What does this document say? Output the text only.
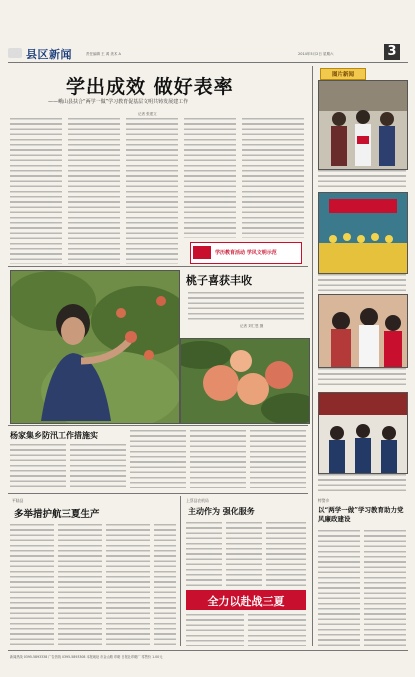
县区新闻	责任编辑 王 鸿 美术 A	2014年5月2日 星期六	3
学出成效 做好表率
——峨山县扶合“两学一做”学习教育促基层文明共铸发展建工作
记者 张建文
学历教育活动 学风文明示范
桃子喜获丰收
记者 刘仁恩 摄
杨家集乡防汛工作措施实
平陆县
多举措护航三夏生产
上蔡县农机局
主动作为 强化服务
全力以赴战三夏
图片新闻
特警乡
以“两学一做”学习教育助力党风廉政建设
新闻热线 0395-5893338 广告热线 0395-5893308 本报地址 市金山路 印刷 日报社印刷厂 零售价 1.00元
